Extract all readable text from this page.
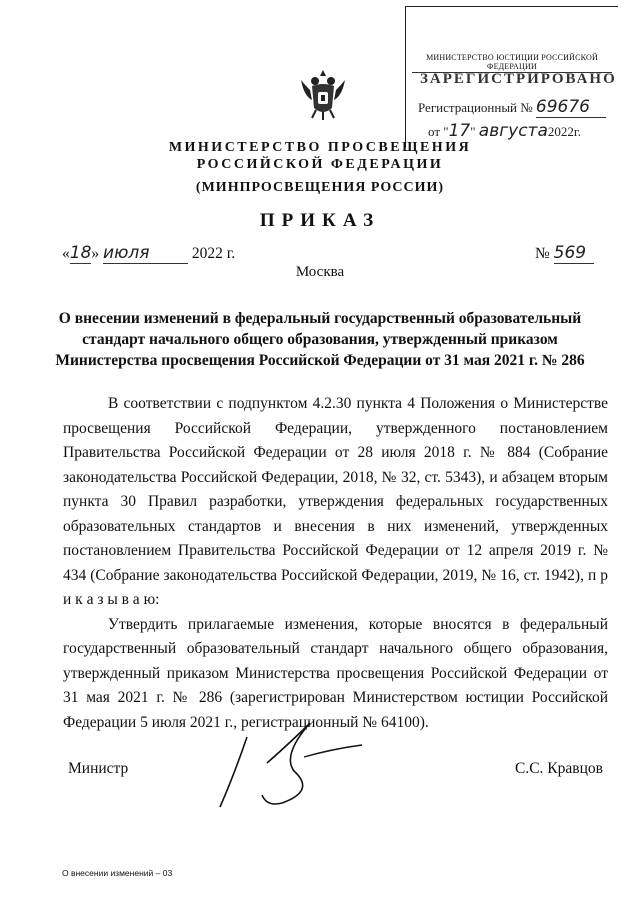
МИНИСТЕРСТВО ЮСТИЦИИ РОССИЙСКОЙ ФЕДЕРАЦИИ
ЗАРЕГИСТРИРОВАНО
Регистрационный № 69676
от "17" августа2022г.
МИНИСТЕРСТВО ПРОСВЕЩЕНИЯ
РОССИЙСКОЙ ФЕДЕРАЦИИ
(МИНПРОСВЕЩЕНИЯ РОССИИ)
ПРИКАЗ
«18» июля	2022 г.	№ 569
Москва
О внесении изменений в федеральный государственный образовательный стандарт начального общего образования, утвержденный приказом Министерства просвещения Российской Федерации от 31 мая 2021 г. № 286

В соответствии с подпунктом 4.2.30 пункта 4 Положения о Министерстве просвещения Российской Федерации, утвержденного постановлением Правительства Российской Федерации от 28 июля 2018 г. № 884 (Собрание законодательства Российской Федерации, 2018, № 32, ст. 5343), и абзацем вторым пункта 30 Правил разработки, утверждения федеральных государственных образовательных стандартов и внесения в них изменений, утвержденных постановлением Правительства Российской Федерации от 12 апреля 2019 г. № 434 (Собрание законодательства Российской Федерации, 2019, № 16, ст. 1942), п р и к а з ы в а ю:

Утвердить прилагаемые изменения, которые вносятся в федеральный государственный образовательный стандарт начального общего образования, утвержденный приказом Министерства просвещения Российской Федерации от 31 мая 2021 г. № 286 (зарегистрирован Министерством юстиции Российской Федерации 5 июля 2021 г., регистрационный № 64100).

Министр	С.С. Кравцов
О внесении изменений – 03
